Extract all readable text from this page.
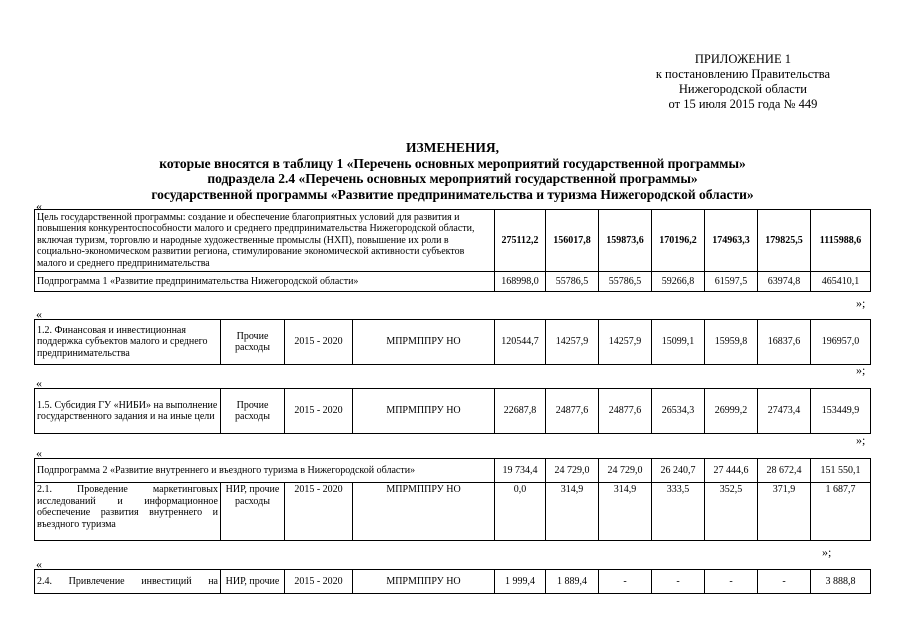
ПРИЛОЖЕНИЕ 1
к постановлению Правительства
Нижегородской области
от 15 июля 2015 года № 449
ИЗМЕНЕНИЯ,
которые вносятся в таблицу 1 «Перечень основных мероприятий государственной программы»
подраздела 2.4 «Перечень основных мероприятий государственной программы»
государственной программы «Развитие предпринимательства и туризма Нижегородской области»
«
Цель государственной программы: создание и обеспечение благоприятных условий для развития и повышения конкурентоспособности малого и среднего предпринимательства Нижегородской области, включая туризм, торговлю и народные художественные промыслы (НХП), повышение их роли в социально-экономическом развитии региона, стимулирование экономической активности субъектов малого и среднего предпринимательства	275112,2	156017,8	159873,6	170196,2	174963,3	179825,5	1115988,6
Подпрограмма 1 «Развитие предпринимательства Нижегородской области»	168998,0	55786,5	55786,5	59266,8	61597,5	63974,8	465410,1
»;
«
1.2. Финансовая и инвестиционная поддержка субъектов малого и среднего предпринимательства	Прочие расходы	2015 - 2020	МПРМППРУ НО	120544,7	14257,9	14257,9	15099,1	15959,8	16837,6	196957,0
»;
«
1.5. Субсидия ГУ «НИБИ» на выполнение государственного задания и на иные цели	Прочие расходы	2015 - 2020	МПРМППРУ НО	22687,8	24877,6	24877,6	26534,3	26999,2	27473,4	153449,9
»;
«
Подпрограмма 2 «Развитие внутреннего и въездного туризма в Нижегородской области»				19 734,4	24 729,0	24 729,0	26 240,7	27 444,6	28 672,4	151 550,1
2.1. Проведение маркетинговых исследований и информационное обеспечение развития внутреннего и въездного туризма	НИР, прочие расходы	2015 - 2020	МПРМППРУ НО	0,0	314,9	314,9	333,5	352,5	371,9	1 687,7
»;
«
2.4. Привлечение инвестиций на	НИР, прочие	2015 - 2020	МПРМППРУ НО	1 999,4	1 889,4	-	-	-	-	3 888,8
